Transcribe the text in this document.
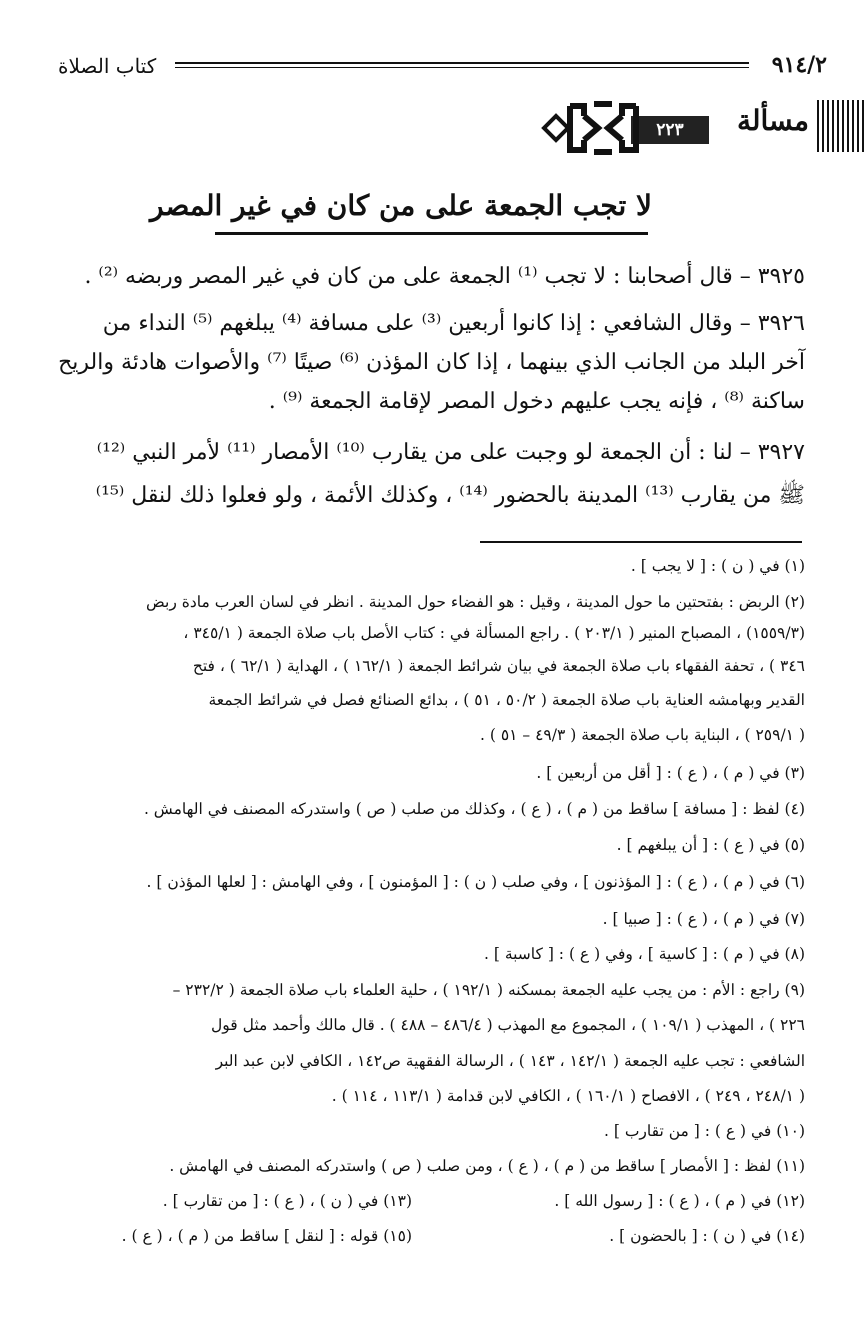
٩١٤/٢
كتاب الصلاة
مسألة
٢٢٣
لا تجب الجمعة على من كان في غير المصر
٣٩٢٥ – قال أصحابنا : لا تجب ⁽¹⁾ الجمعة على من كان في غير المصر وربضه ⁽²⁾ .
٣٩٢٦ – وقال الشافعي : إذا كانوا أربعين ⁽³⁾ على مسافة ⁽⁴⁾ يبلغهم ⁽⁵⁾ النداء من
آخر البلد من الجانب الذي بينهما ، إذا كان المؤذن ⁽⁶⁾ صيتًا ⁽⁷⁾ والأصوات هادئة والريح
ساكنة ⁽⁸⁾ ، فإنه يجب عليهم دخول المصر لإقامة الجمعة ⁽⁹⁾ .
٣٩٢٧ – لنا : أن الجمعة لو وجبت على من يقارب ⁽¹⁰⁾ الأمصار ⁽¹¹⁾ لأمر النبي ⁽¹²⁾
ﷺ من يقارب ⁽¹³⁾ المدينة بالحضور ⁽¹⁴⁾ ، وكذلك الأئمة ، ولو فعلوا ذلك لنقل ⁽¹⁵⁾
(١) في ( ن ) : [ لا يجب ] .
(٢) الربض : بفتحتين ما حول المدينة ، وقيل : هو الفضاء حول المدينة . انظر في لسان العرب مادة ربض
(١٥٥٩/٣) ، المصباح المنير ( ٢٠٣/١ ) . راجع المسألة في : كتاب الأصل باب صلاة الجمعة ( ٣٤٥/١ ،
٣٤٦ ) ، تحفة الفقهاء باب صلاة الجمعة في بيان شرائط الجمعة ( ١٦٢/١ ) ، الهداية ( ٦٢/١ ) ، فتح
القدير وبهامشه العناية باب صلاة الجمعة ( ٥٠/٢ ، ٥١ ) ، بدائع الصنائع فصل في شرائط الجمعة
( ٢٥٩/١ ) ، البناية باب صلاة الجمعة ( ٤٩/٣ – ٥١ ) .
(٣) في ( م ) ، ( ع ) : [ أقل من أربعين ] .
(٤) لفظ : [ مسافة ] ساقط من ( م ) ، ( ع ) ، وكذلك من صلب ( ص ) واستدركه المصنف في الهامش .
(٥) في ( ع ) : [ أن يبلغهم ] .
(٦) في ( م ) ، ( ع ) : [ المؤذنون ] ، وفي صلب ( ن ) : [ المؤمنون ] ، وفي الهامش : [ لعلها المؤذن ] .
(٧) في ( م ) ، ( ع ) : [ صبيا ] .
(٨) في ( م ) : [ كاسية ] ، وفي ( ع ) : [ كاسبة ] .
(٩) راجع : الأم : من يجب عليه الجمعة بمسكنه ( ١٩٢/١ ) ، حلية العلماء باب صلاة الجمعة ( ٢٣٢/٢ –
٢٢٦ ) ، المهذب ( ١٠٩/١ ) ، المجموع مع المهذب ( ٤٨٦/٤ – ٤٨٨ ) . قال مالك وأحمد مثل قول
الشافعي : تجب عليه الجمعة ( ١٤٢/١ ، ١٤٣ ) ، الرسالة الفقهية ص١٤٢ ، الكافي لابن عبد البر
( ٢٤٨/١ ، ٢٤٩ ) ، الافصاح ( ١٦٠/١ ) ، الكافي لابن قدامة ( ١١٣/١ ، ١١٤ ) .
(١٠) في ( ع ) : [ من تقارب ] .
(١١) لفظ : [ الأمصار ] ساقط من ( م ) ، ( ع ) ، ومن صلب ( ص ) واستدركه المصنف في الهامش .
(١٢) في ( م ) ، ( ع ) : [ رسول الله ] .
(١٣) في ( ن ) ، ( ع ) : [ من تقارب ] .
(١٤) في ( ن ) : [ بالحضون ] .
(١٥) قوله : [ لنقل ] ساقط من ( م ) ، ( ع ) .
